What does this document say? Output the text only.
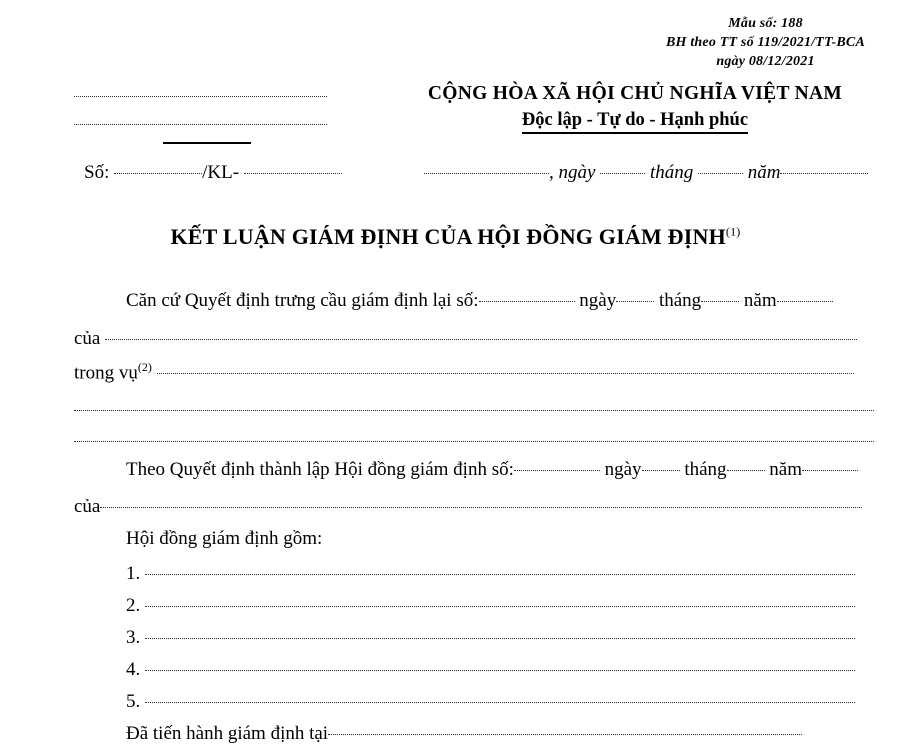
Mẫu số: 188
BH theo TT số 119/2021/TT-BCA
ngày 08/12/2021
CỘNG HÒA XÃ HỘI CHỦ NGHĨA VIỆT NAM
Độc lập - Tự do - Hạnh phúc
Số:	/KL-	, ngày	tháng	năm
KẾT LUẬN GIÁM ĐỊNH CỦA HỘI ĐỒNG GIÁM ĐỊNH$^{(1)}$
Căn cứ Quyết định trưng cầu giám định lại số:	ngày tháng năm
của
trong vụ$^{(2)}$
Theo Quyết định thành lập Hội đồng giám định số:	ngày tháng năm
của
Hội đồng giám định gồm:
1.
2.
3.
4.
5.
Đã tiến hành giám định tại
